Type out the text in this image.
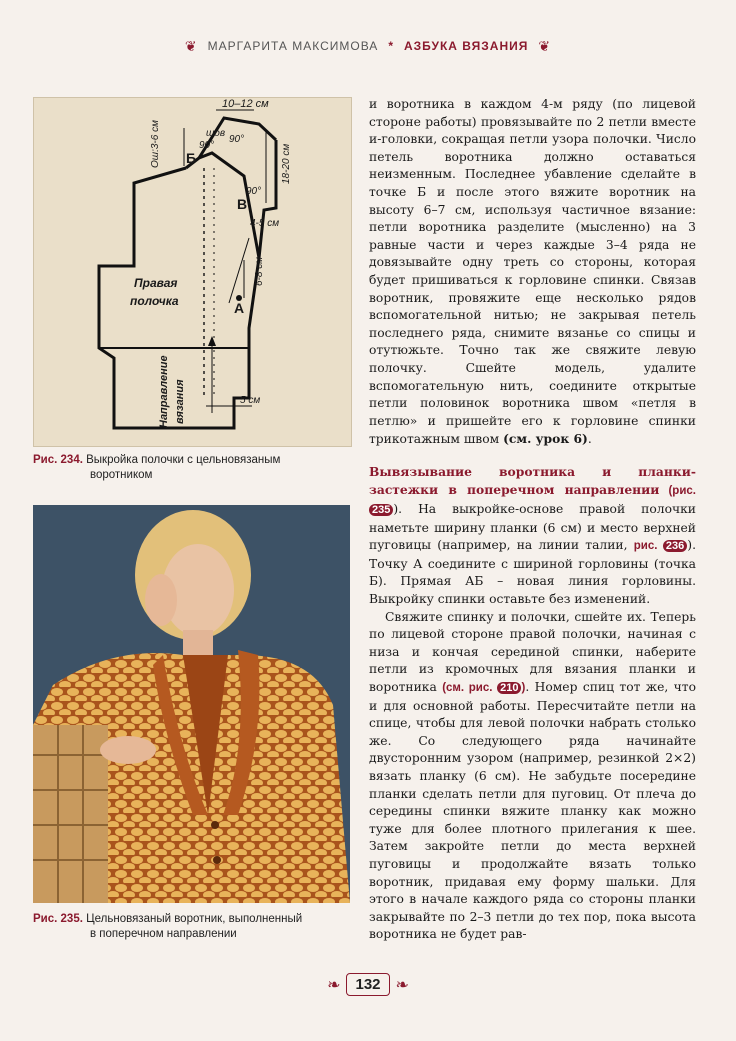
❦ МАРГАРИТА МАКСИМОВА * АЗБУКА ВЯЗАНИЯ ❦
10–12 см
шов
90°
90°
90°
Ош:3-6 см	18-20 см
4-5 см
Б
В
А
6-8 см
Правая
полочка
Направление вязания	5 см
Рис. 234. Выкройка полочки с цельновязаным
воротником
Рис. 235. Цельновязаный воротник, выполненный
в поперечном направлении

и воротника в каждом 4-м ряду (по лицевой стороне работы) провязывайте по 2 петли вместе и-головки, сокращая петли узора полочки. Число петель воротника должно оставаться неизменным. Последнее убавление сделайте в точке Б и после этого вяжите воротник на высоту 6–7 см, используя частичное вязание: петли воротника разделите (мысленно) на 3 равные части и через каждые 3–4 ряда не довязывайте одну треть со стороны, которая будет пришиваться к горловине спинки. Связав воротник, провяжите еще несколько рядов вспомогательной нитью; не закрывая петель последнего ряда, снимите вязанье со спицы и отутюжьте. Точно так же свяжите левую полочку. Сшейте модель, удалите вспомогательную нить, соедините открытые петли половинок воротника швом «петля в петлю» и пришейте его к горловине спинки трикотажным швом (см. урок 6).

Вывязывание воротника и планки-застежки в поперечном направлении (рис. 235 ). На выкройке-основе правой полочки наметьте ширину планки (6 см) и место верхней пуговицы (например, на линии талии, рис. 236 ). Точку А соедините с шириной горловины (точка Б). Прямая АБ – новая линия горловины. Выкройку спинки оставьте без изменений.

Свяжите спинку и полочки, сшейте их. Теперь по лицевой стороне правой полочки, начиная с низа и кончая серединой спинки, наберите петли из кромочных для вязания планки и воротника (см. рис. 210 ). Номер спиц тот же, что и для основной работы. Пересчитайте петли на спице, чтобы для левой полочки набрать столько же. Со следующего ряда начинайте двусторонним узором (например, резинкой 2×2) вязать планку (6 см). Не забудьте посередине планки сделать петли для пуговиц. От плеча до середины спинки вяжите планку как можно туже для более плотного прилегания к шее. Затем закройте петли до места верхней пуговицы и продолжайте вязать только воротник, придавая ему форму шальки. Для этого в начале каждого ряда со стороны планки закрывайте по 2–3 петли до тех пор, пока высота воротника не будет рав-

❧	132 ❧
